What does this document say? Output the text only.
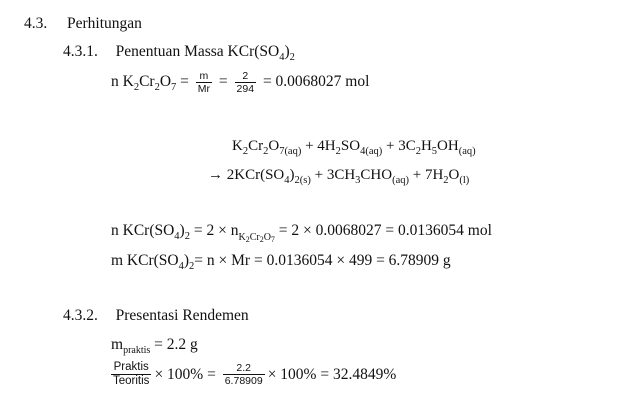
4.3. Perhitungan
4.3.1. Penentuan Massa $KCr(SO_4)_2$
n $K_2Cr_2O_7 = \frac{m}{Mr} = \frac{2}{294} = 0.0068027$ mol
$K_2Cr_2O_{7(aq)} + 4H_2SO_{4(aq)} + 3C_2H_5OH_{(aq)}$
→ $2KCr(SO_4)_{2(s)} + 3CH_3CHO_{(aq)} + 7H_2O_{(l)}$
n $KCr(SO_4)_2 = 2 \times n_{K_2Cr_2O_7} = 2 \times 0.0068027 = 0.0136054$ mol
m $KCr(SO_4)_2= n \times Mr = 0.0136054 \times 499 = 6.78909$ g
4.3.2. Presentasi Rendemen
$m_{praktis} = 2.2$ g
$\frac{\text{Praktis}}{\text{Teoritis}} \times 100\% = \frac{2.2}{6.78909} \times 100\% = 32.4849\%$
